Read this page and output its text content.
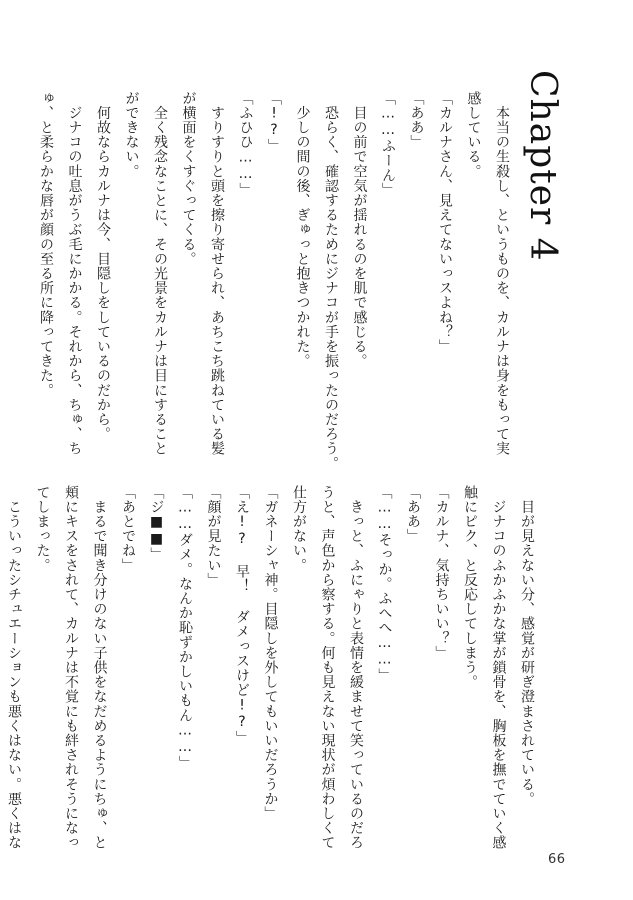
Chapter 4

　本当の生殺し、というものを、カルナは身をもって実

感している。

「カルナさん、見えてないっスよね？」

「ああ」

「……ふーん」

　目の前で空気が揺れるのを肌で感じる。

　恐らく、確認するためにジナコが手を振ったのだろう。

　少しの間の後、ぎゅっと抱きつかれた。

「!?」

「ふひひ……」

　すりすりと頭を擦り寄せられ、あちこち跳ねている髪

が横面をくすぐってくる。

　全く残念なことに、その光景をカルナは目にすること

ができない。

　何故ならカルナは今、目隠しをしているのだから。

　ジナコの吐息がうぶ毛にかかる。それから、ちゅ、ち

ゅ、と柔らかな唇が顔の至る所に降ってきた。

　目が見えない分、感覚が研ぎ澄まされている。

　ジナコのふかふかな掌が鎖骨を、胸板を撫でていく感

触にピク、と反応してしまう。

「カルナ、気持ちいい？」

「ああ」

「……そっか。ふへへ……」

　きっと、ふにゃりと表情を緩ませて笑っているのだろ

うと、声色から察する。何も見えない現状が煩わしくて

仕方がない。

「ガネーシャ神。目隠しを外してもいいだろうか」

「え!? 早！ ダメっスけど!?」

「顔が見たい」

「……ダメ。なんか恥ずかしいもん……」

「ジ■■」

「あとでね」

　まるで聞き分けのない子供をなだめるようにちゅ、と

頬にキスをされて、カルナは不覚にも絆されそうになっ

てしまった。

　こういったシチュエーションも悪くはない。悪くはな

66
